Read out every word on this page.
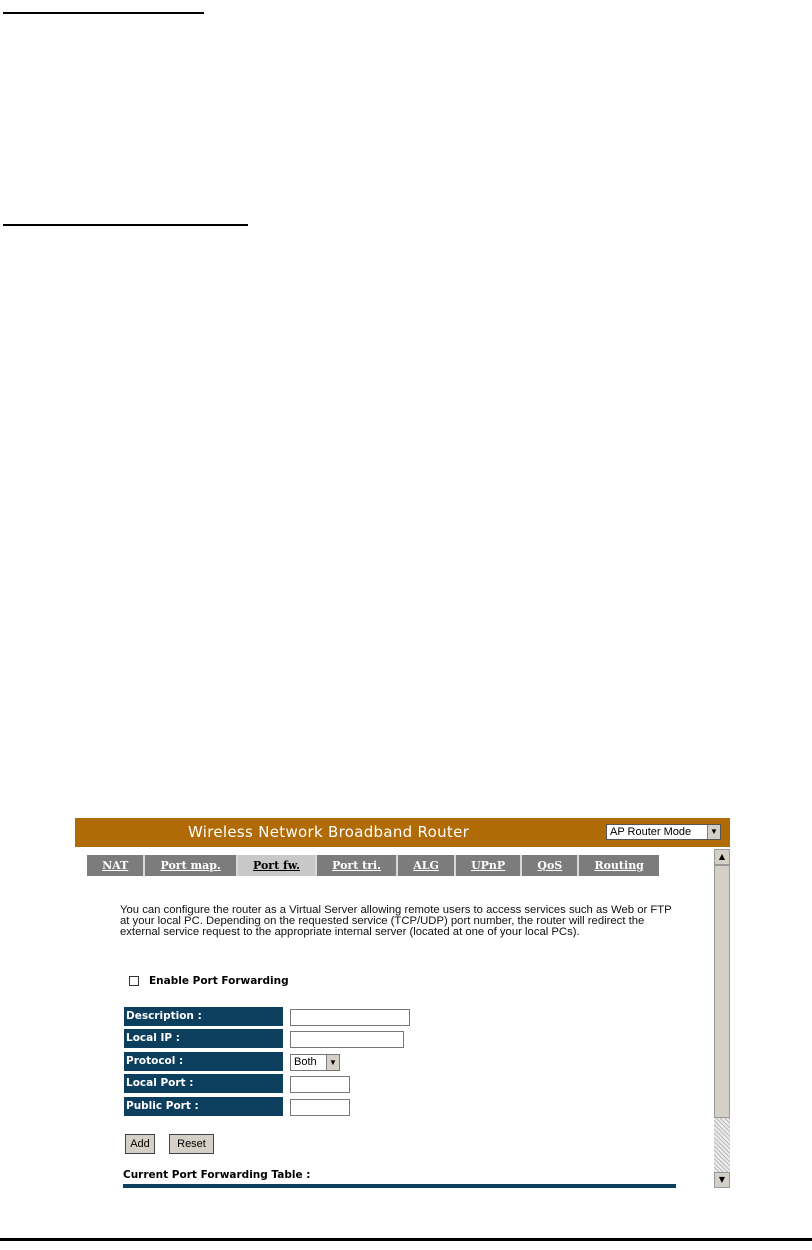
Wireless Network Broadband Router	AP Router Mode	▼
NAT	Port map.	Port fw.	Port tri.	ALG	UPnP	QoS	Routing
▲
▼
You can configure the router as a Virtual Server allowing remote users to access services such as Web or FTP at your local PC. Depending on the requested service (TCP/UDP) port number, the router will redirect the external service request to the appropriate internal server (located at one of your local PCs).
Enable Port Forwarding
Description :
Local IP :
Protocol :	Both	▼
Local Port :
Public Port :
Add	Reset
Current Port Forwarding Table :
